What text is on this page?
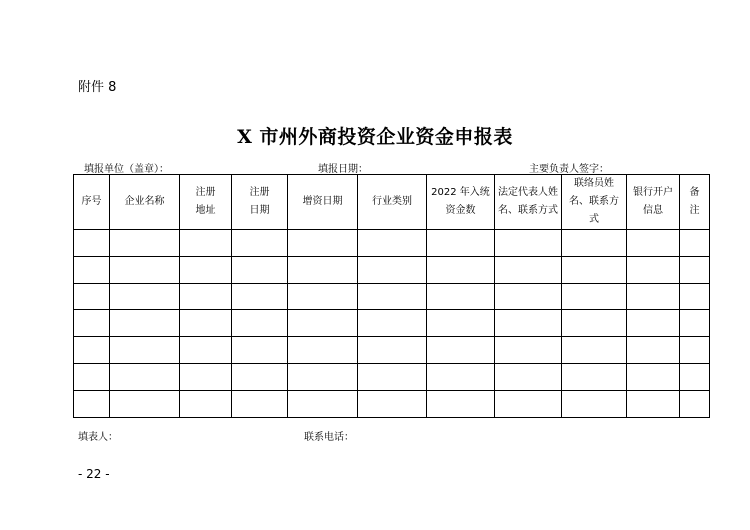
附件 8
X 市州外商投资企业资金申报表
填报单位（盖章）：	填报日期：	主要负责人签字：
序号	企业名称	注册地址	注册日期	增资日期	行业类别	2022 年入统资金数	法定代表人姓名、联系方式	联络员姓名、联系方式	银行开户信息	备注

填表人：	联系电话：
- 22 -
